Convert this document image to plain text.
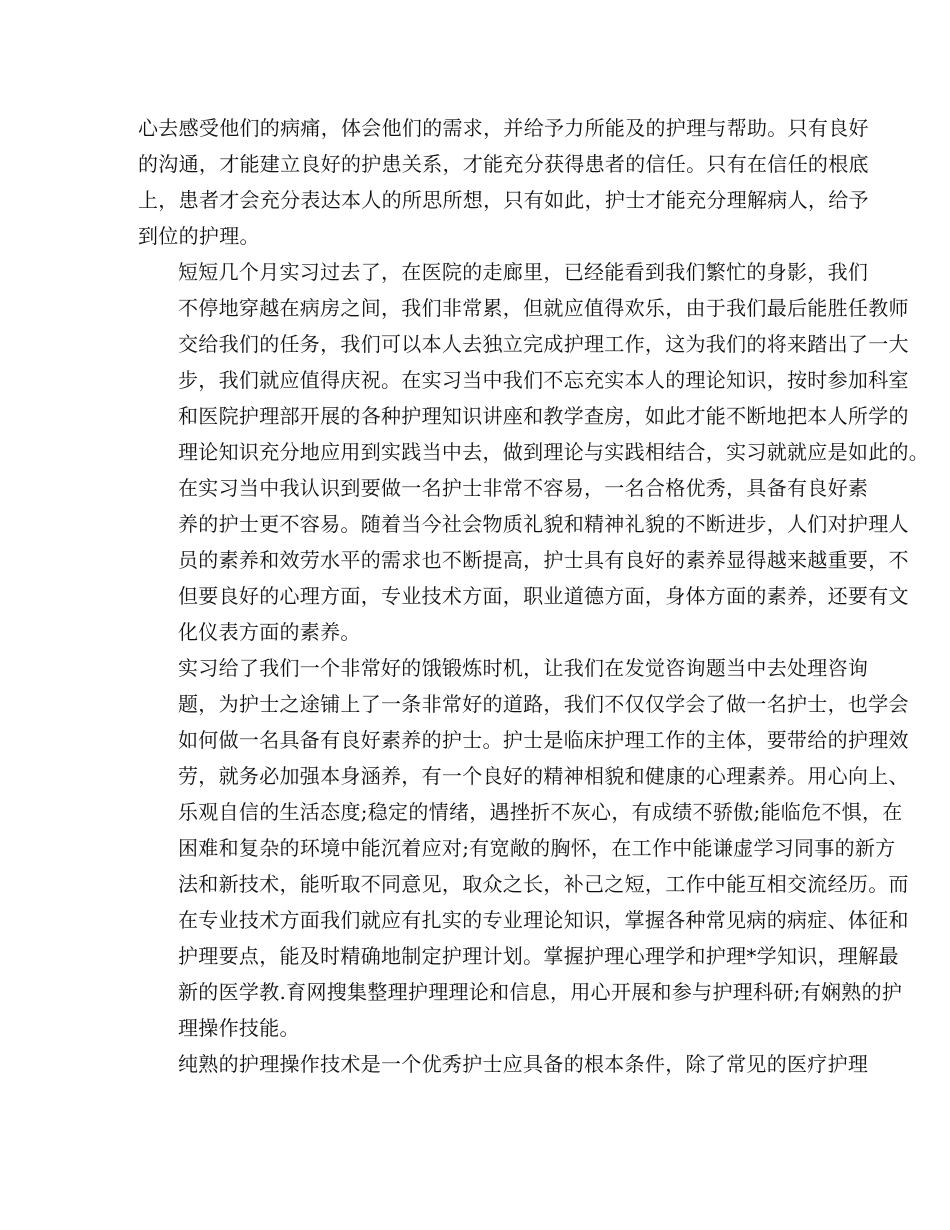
心去感受他们的病痛，体会他们的需求，并给予力所能及的护理与帮助。只有良好
的沟通，才能建立良好的护患关系，才能充分获得患者的信任。只有在信任的根底
上，患者才会充分表达本人的所思所想，只有如此，护士才能充分理解病人，给予
到位的护理。

短短几个月实习过去了，在医院的走廊里，已经能看到我们繁忙的身影，我们
不停地穿越在病房之间，我们非常累，但就应值得欢乐，由于我们最后能胜任教师
交给我们的任务，我们可以本人去独立完成护理工作，这为我们的将来踏出了一大
步，我们就应值得庆祝。在实习当中我们不忘充实本人的理论知识，按时参加科室
和医院护理部开展的各种护理知识讲座和教学查房，如此才能不断地把本人所学的
理论知识充分地应用到实践当中去，做到理论与实践相结合，实习就就应是如此的。

在实习当中我认识到要做一名护士非常不容易，一名合格优秀，具备有良好素
养的护士更不容易。随着当今社会物质礼貌和精神礼貌的不断进步，人们对护理人
员的素养和效劳水平的需求也不断提高，护士具有良好的素养显得越来越重要，不
但要良好的心理方面，专业技术方面，职业道德方面，身体方面的素养，还要有文
化仪表方面的素养。

实习给了我们一个非常好的饿锻炼时机，让我们在发觉咨询题当中去处理咨询
题，为护士之途铺上了一条非常好的道路，我们不仅仅学会了做一名护士，也学会
如何做一名具备有良好素养的护士。护士是临床护理工作的主体，要带给的护理效
劳，就务必加强本身涵养，有一个良好的精神相貌和健康的心理素养。用心向上、
乐观自信的生活态度;稳定的情绪，遇挫折不灰心，有成绩不骄傲;能临危不惧，在
困难和复杂的环境中能沉着应对;有宽敞的胸怀，在工作中能谦虚学习同事的新方
法和新技术，能听取不同意见，取众之长，补己之短，工作中能互相交流经历。而
在专业技术方面我们就应有扎实的专业理论知识，掌握各种常见病的病症、体征和
护理要点，能及时精确地制定护理计划。掌握护理心理学和护理*学知识，理解最
新的医学教.育网搜集整理护理理论和信息，用心开展和参与护理科研;有娴熟的护
理操作技能。

纯熟的护理操作技术是一个优秀护士应具备的根本条件，除了常见的医疗护理
